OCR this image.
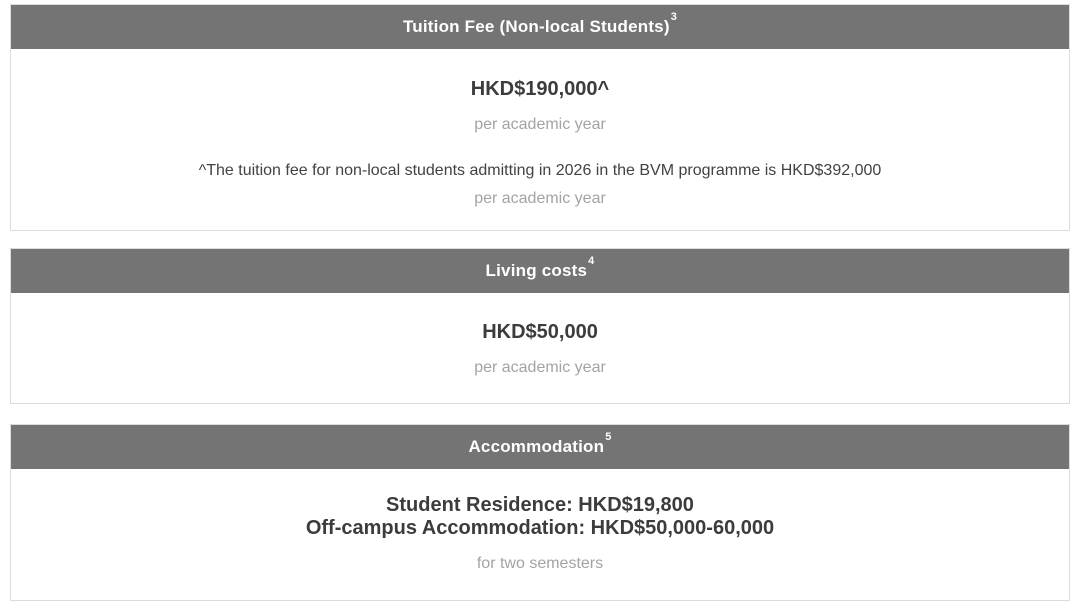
Tuition Fee (Non-local Students)$^3$
HKD$190,000^
per academic year
^The tuition fee for non-local students admitting in 2026 in the BVM programme is HKD$392,000
per academic year
Living costs$^4$
HKD$50,000
per academic year
Accommodation$^5$
Student Residence: HKD$19,800
Off-campus Accommodation: HKD$50,000-60,000
for two semesters
